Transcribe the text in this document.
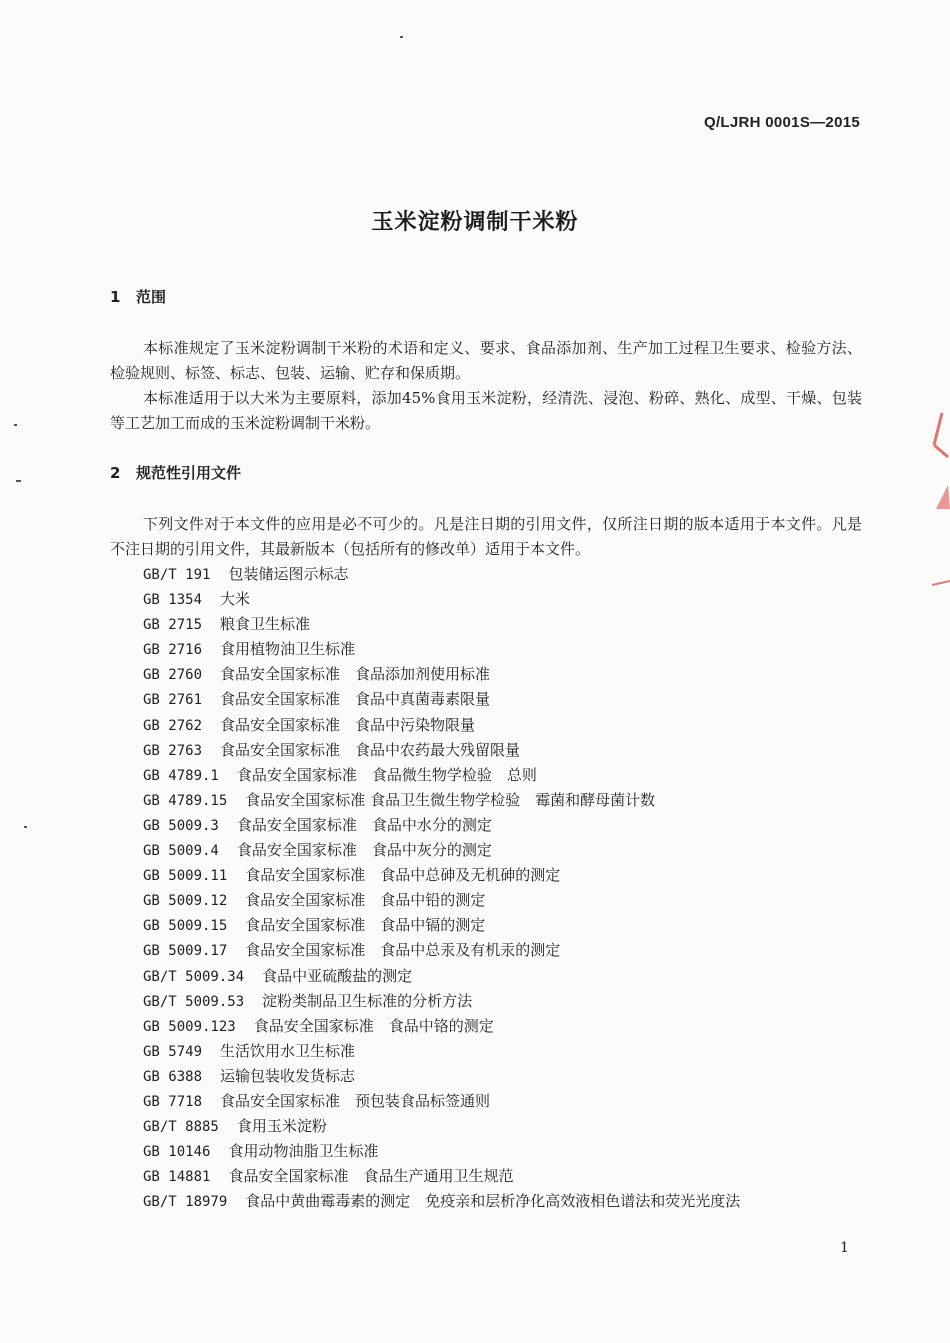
Q/LJRH 0001S—2015
玉米淀粉调制干米粉
1 范围
本标准规定了玉米淀粉调制干米粉的术语和定义、要求、食品添加剂、生产加工过程卫生要求、检验方法、检验规则、标签、标志、包装、运输、贮存和保质期。
本标准适用于以大米为主要原料，添加45%食用玉米淀粉，经清洗、浸泡、粉碎、熟化、成型、干燥、包装等工艺加工而成的玉米淀粉调制干米粉。
2 规范性引用文件
下列文件对于本文件的应用是必不可少的。凡是注日期的引用文件，仅所注日期的版本适用于本文件。凡是不注日期的引用文件，其最新版本（包括所有的修改单）适用于本文件。
GB/T 191 包装储运图示标志
GB 1354 大米
GB 2715 粮食卫生标准
GB 2716 食用植物油卫生标准
GB 2760 食品安全国家标准　食品添加剂使用标准
GB 2761 食品安全国家标准　食品中真菌毒素限量
GB 2762 食品安全国家标准　食品中污染物限量
GB 2763 食品安全国家标准　食品中农药最大残留限量
GB 4789.1 食品安全国家标准　食品微生物学检验　总则
GB 4789.15 食品安全国家标准 食品卫生微生物学检验　霉菌和酵母菌计数
GB 5009.3 食品安全国家标准　食品中水分的测定
GB 5009.4 食品安全国家标准　食品中灰分的测定
GB 5009.11 食品安全国家标准　食品中总砷及无机砷的测定
GB 5009.12 食品安全国家标准　食品中铅的测定
GB 5009.15 食品安全国家标准　食品中镉的测定
GB 5009.17 食品安全国家标准　食品中总汞及有机汞的测定
GB/T 5009.34 食品中亚硫酸盐的测定
GB/T 5009.53 淀粉类制品卫生标准的分析方法
GB 5009.123 食品安全国家标准　食品中铬的测定
GB 5749 生活饮用水卫生标准
GB 6388 运输包装收发货标志
GB 7718 食品安全国家标准　预包装食品标签通则
GB/T 8885 食用玉米淀粉
GB 10146 食用动物油脂卫生标准
GB 14881 食品安全国家标准　食品生产通用卫生规范
GB/T 18979 食品中黄曲霉毒素的测定　免疫亲和层析净化高效液相色谱法和荧光光度法
1
